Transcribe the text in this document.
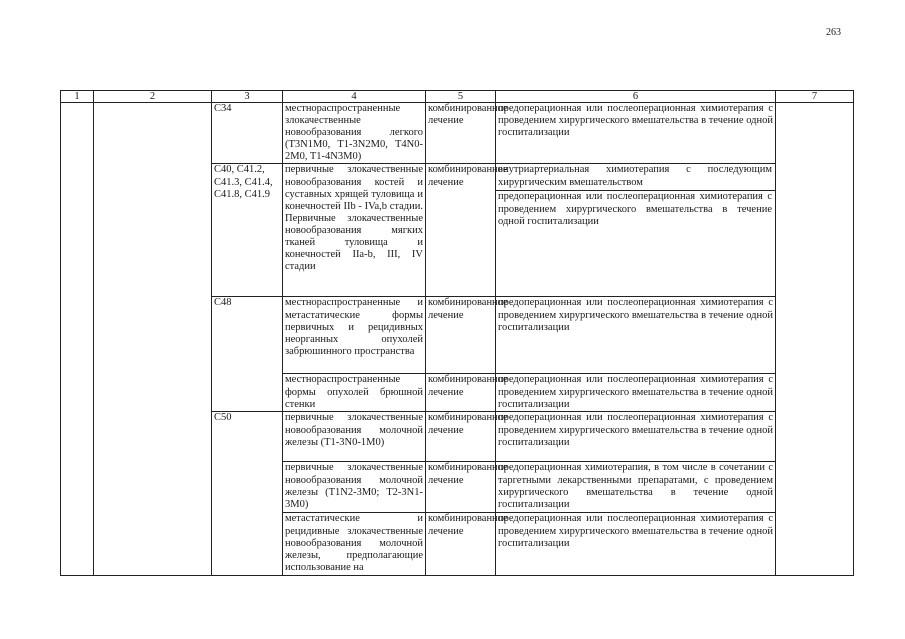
263
1	2	3	4	5	6	7
		C34	местнораспространенные злокачественные новообразования легкого (T3N1M0, T1-3N2M0, T4N0-2M0, T1-4N3M0)	комбинированное лечение	предоперационная или послеоперационная химиотерапия с проведением хирургического вмешательства в течение одной госпитализации	
		C40, C41.2, C41.3, C41.4, C41.8, C41.9	первичные злокачественные новообразования костей и суставных хрящей туловища и конечностей IIb - IVa,b стадии. Первичные злокачественные новообразования мягких тканей туловища и конечностей IIa-b, III, IV стадии	комбинированное лечение	внутриартериальная химиотерапия с последующим хирургическим вмешательством
предоперационная или послеоперационная химиотерапия с проведением хирургического вмешательства в течение одной госпитализации	

		C48	местнораспространенные и метастатические формы первичных и рецидивных неорганных опухолей забрюшинного пространства	комбинированное лечение	предоперационная или послеоперационная химиотерапия с проведением хирургического вмешательства в течение одной госпитализации	
			местнораспространенные формы опухолей брюшной стенки	комбинированное лечение	предоперационная или послеоперационная химиотерапия с проведением хирургического вмешательства в течение одной госпитализации	
		C50	первичные злокачественные новообразования молочной железы (T1-3N0-1M0)	комбинированное лечение	предоперационная или послеоперационная химиотерапия с проведением хирургического вмешательства в течение одной госпитализации	
			первичные злокачественные новообразования молочной железы (T1N2-3M0; T2-3N1-3M0)	комбинированное лечение	предоперационная химиотерапия, в том числе в сочетании с таргетными лекарственными препаратами, с проведением хирургического вмешательства в течение одной госпитализации	
			метастатические и рецидивные злокачественные новообразования молочной железы, предполагающие использование на	комбинированное лечение	предоперационная или послеоперационная химиотерапия с проведением хирургического вмешательства в течение одной госпитализации	
